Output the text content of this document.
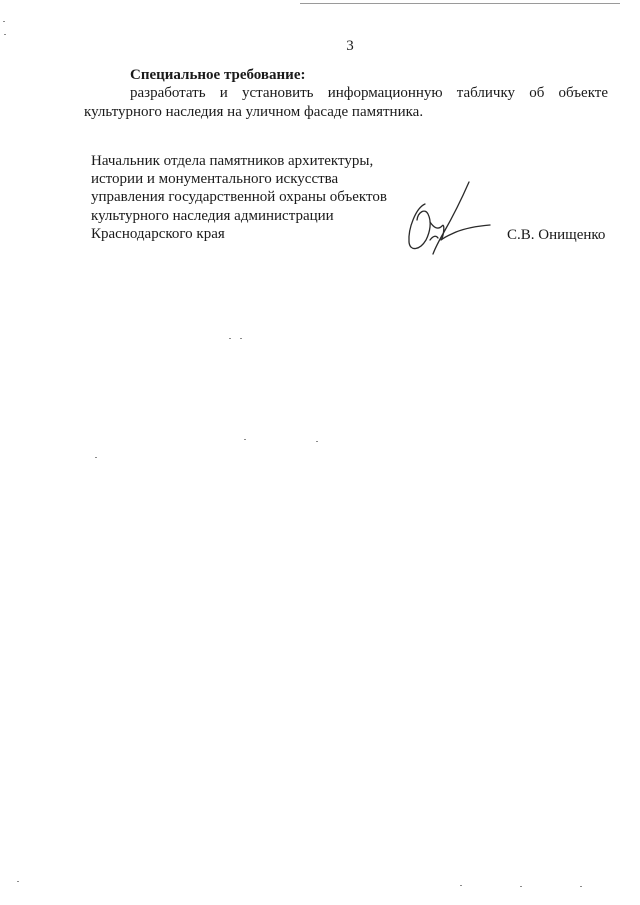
3
Специальное требование:
разработать и установить информационную табличку об объекте
культурного наследия на уличном фасаде памятника.
Начальник отдела памятников архитектуры,
истории и монументального искусства
управления государственной охраны объектов
культурного наследия администрации
Краснодарского края	С.В. Онищенко
